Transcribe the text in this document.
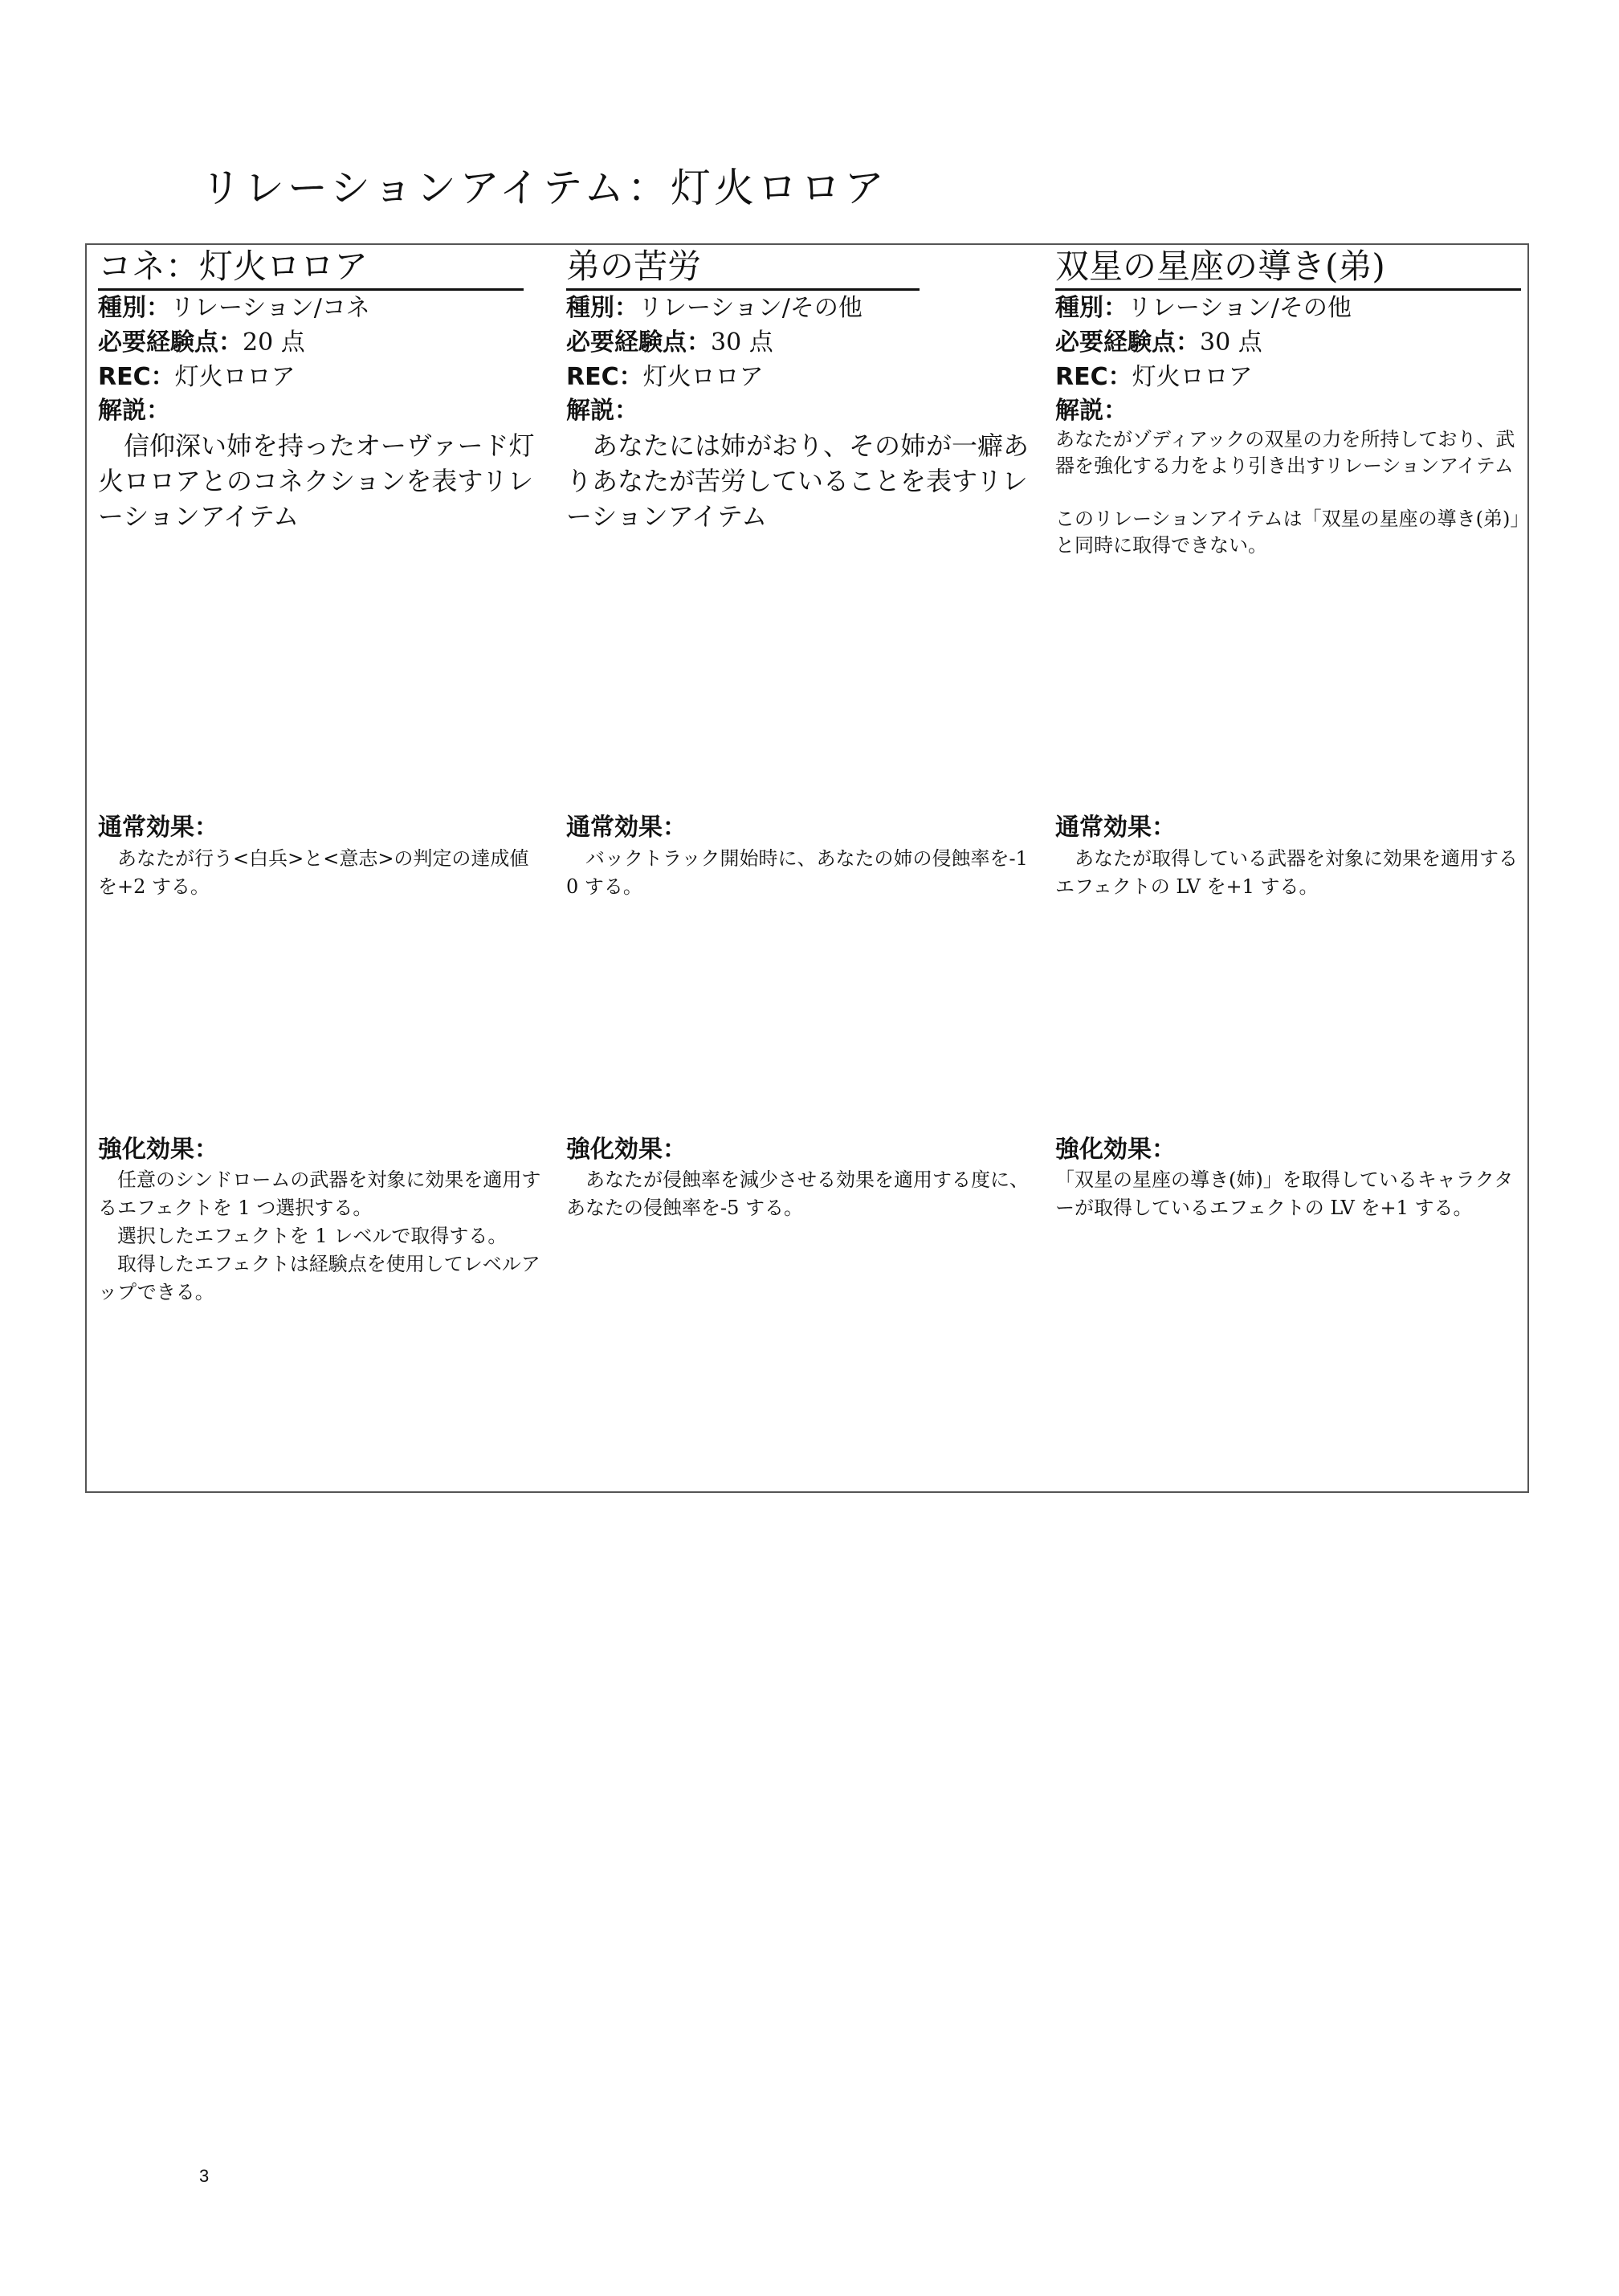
リレーションアイテム：灯火ロロア
コネ：灯火ロロア
種別：リレーション/コネ
必要経験点：20 点
REC：灯火ロロア
解説：

　信仰深い姉を持ったオーヴァード灯火ロロアとのコネクションを表すリレーションアイテム

通常効果：

　あなたが行う<白兵>と<意志>の判定の達成値を+2 する。

強化効果：

　任意のシンドロームの武器を対象に効果を適用するエフェクトを 1 つ選択する。
　選択したエフェクトを 1 レベルで取得する。
　取得したエフェクトは経験点を使用してレベルアップできる。

弟の苦労
種別：リレーション/その他
必要経験点：30 点
REC：灯火ロロア
解説：

　あなたには姉がおり、その姉が一癖ありあなたが苦労していることを表すリレーションアイテム

通常効果：

　バックトラック開始時に、あなたの姉の侵蝕率を-10 する。

強化効果：

　あなたが侵蝕率を減少させる効果を適用する度に、あなたの侵蝕率を-5 する。

双星の星座の導き(弟)
種別：リレーション/その他
必要経験点：30 点
REC：灯火ロロア
解説：

あなたがゾディアックの双星の力を所持しており、武器を強化する力をより引き出すリレーションアイテム

このリレーションアイテムは「双星の星座の導き(弟)」と同時に取得できない。

通常効果：

　あなたが取得している武器を対象に効果を適用するエフェクトの LV を+1 する。

強化効果：

「双星の星座の導き(姉)」を取得しているキャラクターが取得しているエフェクトの LV を+1 する。

3
